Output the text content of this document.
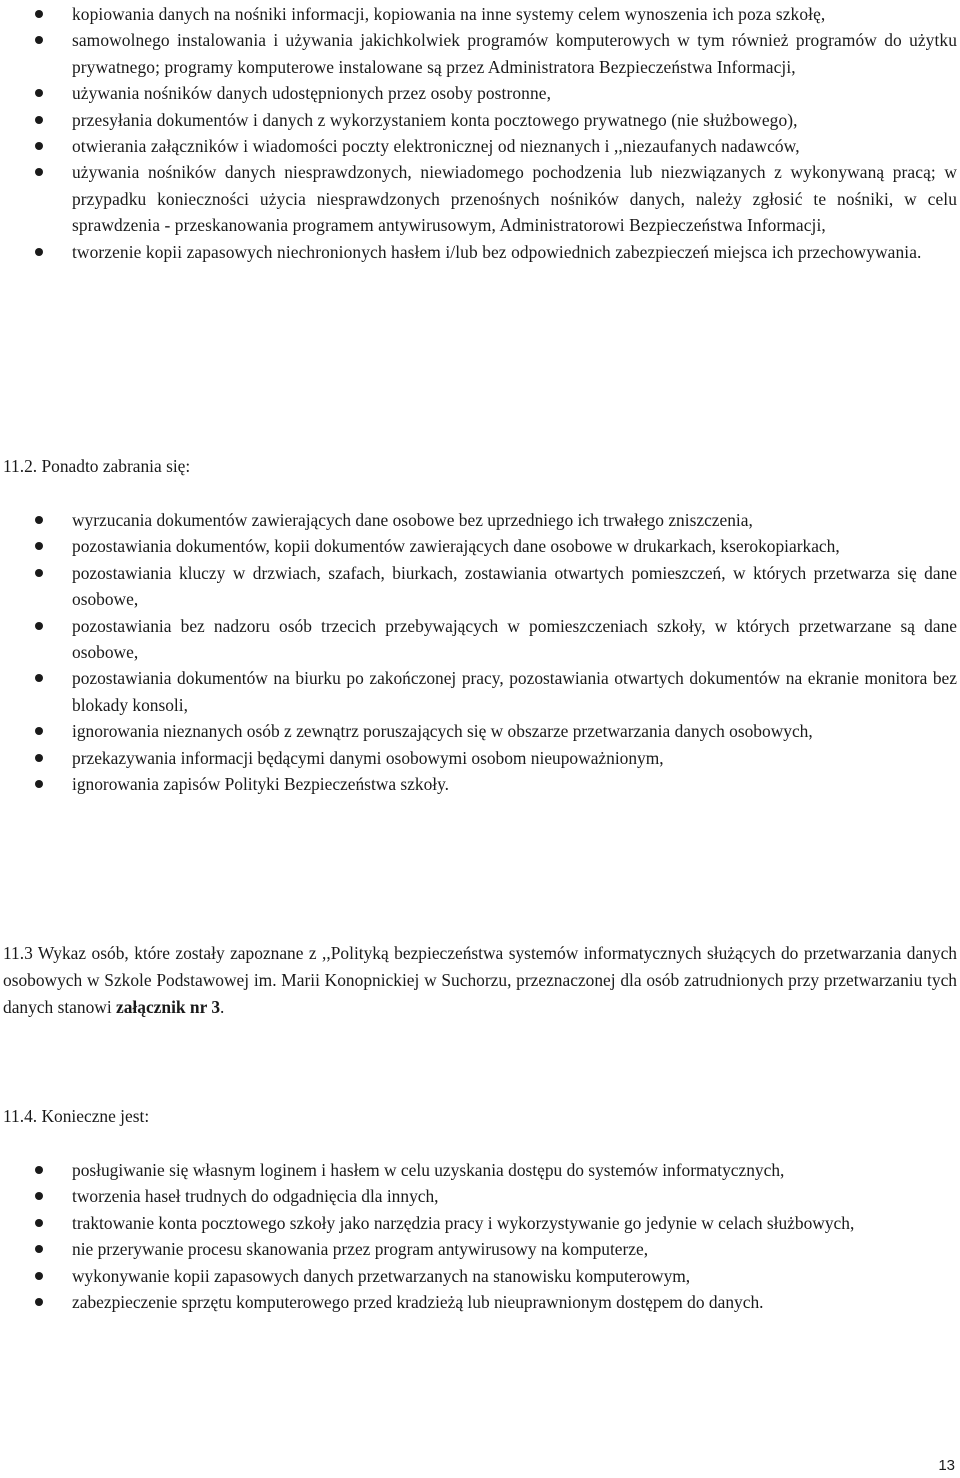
kopiowania danych na nośniki informacji, kopiowania na inne systemy celem wynoszenia ich poza szkołę,
samowolnego instalowania i używania jakichkolwiek programów komputerowych w tym również programów do użytku prywatnego; programy komputerowe instalowane są przez Administratora Bezpieczeństwa Informacji,
używania nośników danych udostępnionych przez osoby postronne,
przesyłania dokumentów i danych z wykorzystaniem konta pocztowego prywatnego (nie służbowego),
otwierania załączników i wiadomości poczty elektronicznej od nieznanych i ,,niezaufanych nadawców,
używania nośników danych niesprawdzonych, niewiadomego pochodzenia lub niezwiązanych z wykonywaną pracą; w przypadku konieczności użycia niesprawdzonych przenośnych nośników danych, należy zgłosić te nośniki, w celu sprawdzenia - przeskanowania programem antywirusowym, Administratorowi Bezpieczeństwa Informacji,
tworzenie kopii zapasowych niechronionych hasłem i/lub bez odpowiednich zabezpieczeń miejsca ich przechowywania.
11.2. Ponadto zabrania się:
wyrzucania dokumentów zawierających dane osobowe bez uprzedniego ich trwałego zniszczenia,
pozostawiania dokumentów, kopii dokumentów zawierających dane osobowe w drukarkach, kserokopiarkach,
pozostawiania kluczy w drzwiach, szafach, biurkach, zostawiania otwartych pomieszczeń, w których przetwarza się dane osobowe,
pozostawiania bez nadzoru osób trzecich przebywających w pomieszczeniach szkoły, w których przetwarzane są dane osobowe,
pozostawiania dokumentów na biurku po zakończonej pracy, pozostawiania otwartych dokumentów na ekranie monitora bez blokady konsoli,
ignorowania nieznanych osób z zewnątrz poruszających się w obszarze przetwarzania danych osobowych,
przekazywania informacji będącymi danymi osobowymi osobom nieupoważnionym,
ignorowania zapisów Polityki Bezpieczeństwa szkoły.
11.3 Wykaz osób, które zostały zapoznane z ,,Polityką bezpieczeństwa systemów informatycznych służących do przetwarzania danych osobowych w Szkole Podstawowej im. Marii Konopnickiej w Suchorzu, przeznaczonej dla osób zatrudnionych przy przetwarzaniu tych danych stanowi załącznik nr 3.
11.4. Konieczne jest:
posługiwanie się własnym loginem i hasłem w celu uzyskania dostępu do systemów informatycznych,
tworzenia haseł trudnych do odgadnięcia dla innych,
traktowanie konta pocztowego szkoły jako narzędzia pracy i wykorzystywanie go jedynie w celach służbowych,
nie przerywanie procesu skanowania przez program antywirusowy na komputerze,
wykonywanie kopii zapasowych danych przetwarzanych na stanowisku komputerowym,
zabezpieczenie sprzętu komputerowego przed kradzieżą lub nieuprawnionym dostępem do danych.
13
